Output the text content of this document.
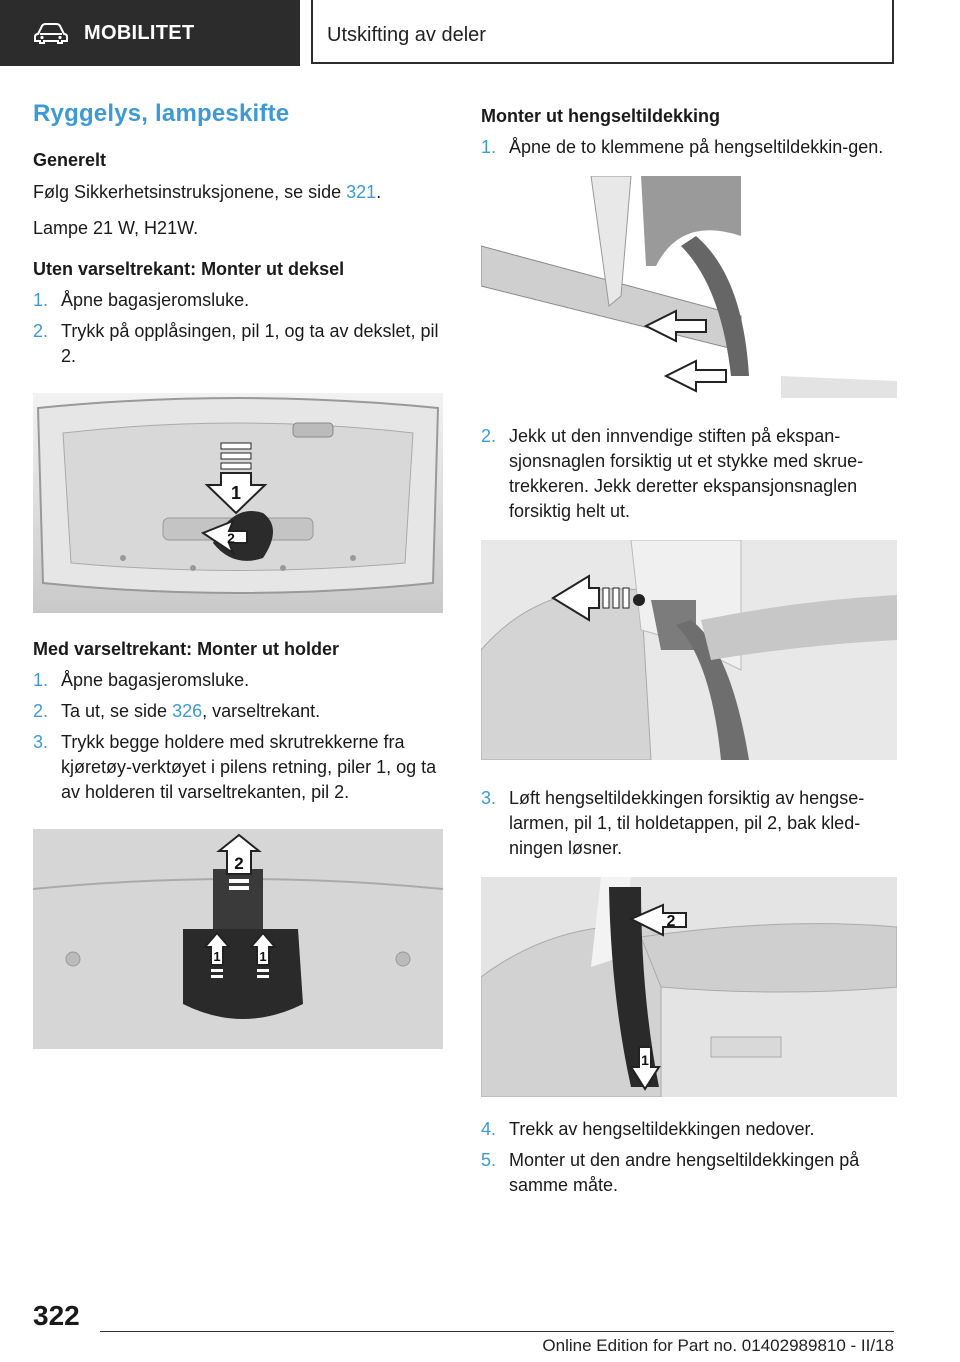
MOBILITET	Utskifting av deler
Ryggelys, lampeskifte
Generelt
Følg Sikkerhetsinstruksjonene, se side 321.
Lampe 21 W, H21W.
Uten varseltrekant: Monter ut deksel
1. Åpne bagasjeromsluke.
2. Trykk på opplåsingen, pil 1, og ta av dekslet, pil 2.
1
2
Med varseltrekant: Monter ut holder
1. Åpne bagasjeromsluke.
2. Ta ut, se side 326, varseltrekant.
3. Trykk begge holdere med skrutrekkerne fra kjøretøy-verktøyet i pilens retning, piler 1, og ta av holderen til varseltrekanten, pil 2.
2
1	1
Monter ut hengseltildekking
1. Åpne de to klemmene på hengseltildekkin-gen.
2. Jekk ut den innvendige stiften på ekspan-sjonsnaglen forsiktig ut et stykke med skrue-trekkeren. Jekk deretter ekspansjonsnaglen forsiktig helt ut.
3. Løft hengseltildekkingen forsiktig av hengse-larmen, pil 1, til holdetappen, pil 2, bak kled-ningen løsner.
2
1
4. Trekk av hengseltildekkingen nedover.
5. Monter ut den andre hengseltildekkingen på samme måte.
322
Online Edition for Part no. 01402989810 - II/18
